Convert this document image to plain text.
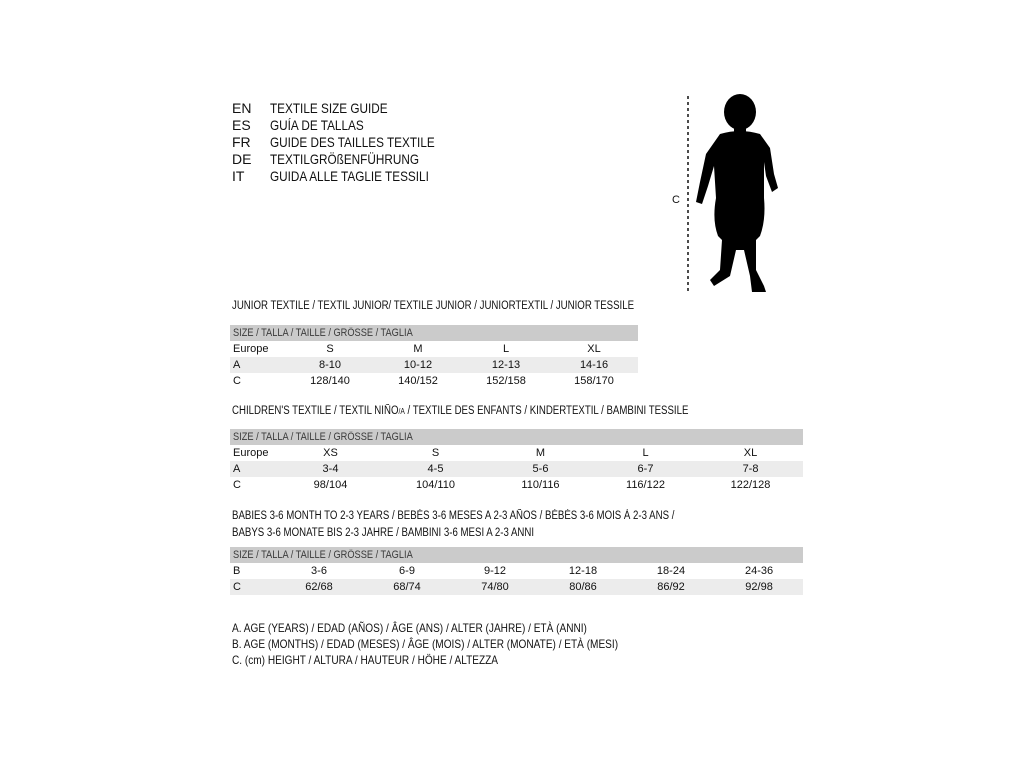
EN TEXTILE SIZE GUIDE
ES GUÍA DE TALLAS
FR GUIDE DES TAILLES TEXTILE
DE TEXTILGRÖßENFÜHRUNG
IT GUIDA ALLE TAGLIE TESSILI
C
JUNIOR TEXTILE / TEXTIL JUNIOR/ TEXTILE JUNIOR / JUNIORTEXTIL / JUNIOR TESSILE
SIZE / TALLA / TAILLE / GRÖSSE / TAGLIA				
Europe	S	M	L	XL
A	8-10	10-12	12-13	14-16
C	128/140	140/152	152/158	158/170
CHILDREN'S TEXTILE / TEXTIL NIÑO/A / TEXTILE DES ENFANTS / KINDERTEXTIL / BAMBINI TESSILE
SIZE / TALLA / TAILLE / GRÖSSE / TAGLIA					
Europe	XS	S	M	L	XL
A	3-4	4-5	5-6	6-7	7-8
C	98/104	104/110	110/116	116/122	122/128
BABIES 3-6 MONTH TO 2-3 YEARS / BEBÉS 3-6 MESES A 2-3 AÑOS / BÉBÉS 3-6 MOIS À 2-3 ANS /
BABYS 3-6 MONATE BIS 2-3 JAHRE / BAMBINI 3-6 MESI A 2-3 ANNI
SIZE / TALLA / TAILLE / GRÖSSE / TAGLIA						
B	3-6	6-9	9-12	12-18	18-24	24-36
C	62/68	68/74	74/80	80/86	86/92	92/98
A. AGE (YEARS) / EDAD (AÑOS) / ÂGE (ANS) / ALTER (JAHRE) / ETÀ (ANNI)
B. AGE (MONTHS) / EDAD (MESES) / ÂGE (MOIS) / ALTER (MONATE) / ETÀ (MESI)
C. (cm) HEIGHT / ALTURA / HAUTEUR / HÖHE / ALTEZZA
